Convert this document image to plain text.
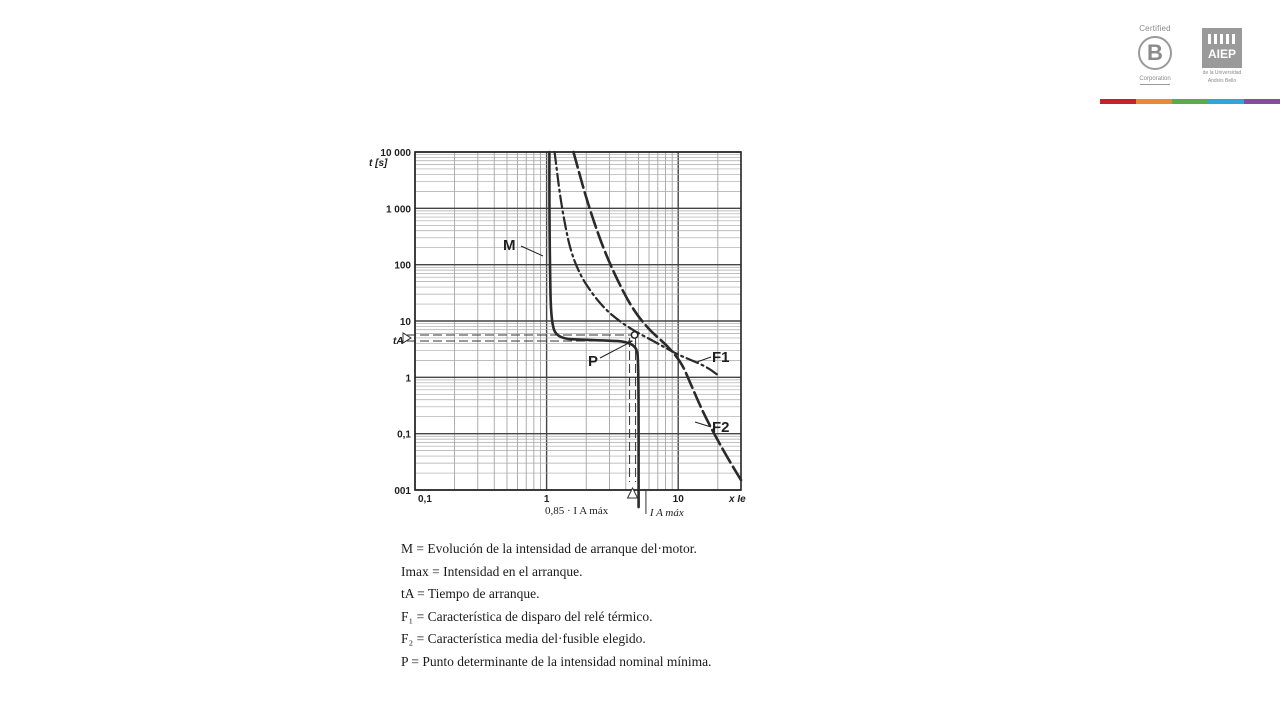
Certified
B
Corporation
AIEP
de la Universidad
Andrés Bello
10 000
1 000
100
10
1
0,1
001
0,1	1	10
t [s]
x Ie
tA
M
F1
F2
P
0,85 · I A máx	I A máx
M = Evolución de la intensidad de arranque del·motor.
Imax = Intensidad en el arranque.
tA = Tiempo de arranque.
F₁ = Característica de disparo del relé térmico.
F₂ = Característica media del·fusible elegido.
P = Punto determinante de la intensidad nominal mínima.
